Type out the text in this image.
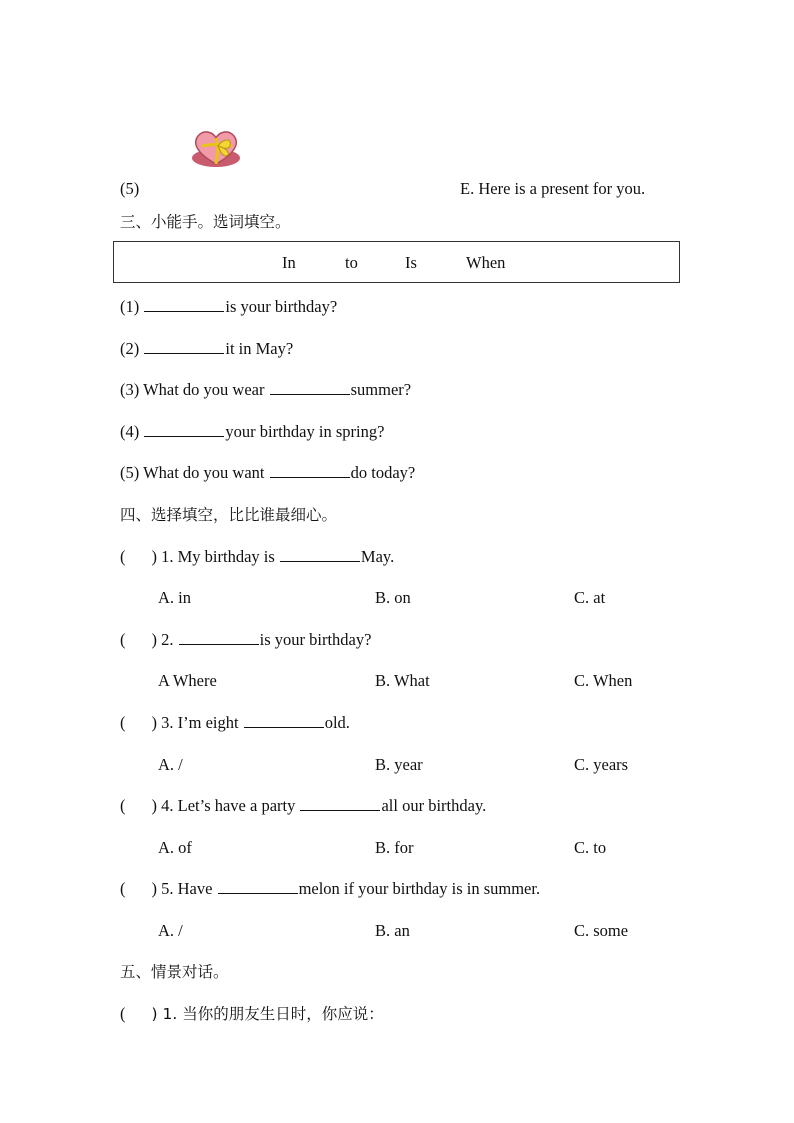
(5)	E. Here is a present for you.
三、小能手。选词填空。
In	to	Is	When
(1)	is your birthday?
(2)	it in May?
(3) What do you wear	summer?
(4)	your birthday in spring?
(5) What do you want	do today?
四、选择填空，比比谁最细心。
( ) 1. My birthday is	May.
A. in	B. on	C. at
( ) 2.	is your birthday?
A Where	B. What	C. When
( ) 3. I’m eight	old.
A. /	B. year	C. years
( ) 4. Let’s have a party	all our birthday.
A. of	B. for	C. to
( ) 5. Have	melon if your birthday is in summer.
A. /	B. an	C. some
五、情景对话。
( ) 1. 当你的朋友生日时，你应说：
